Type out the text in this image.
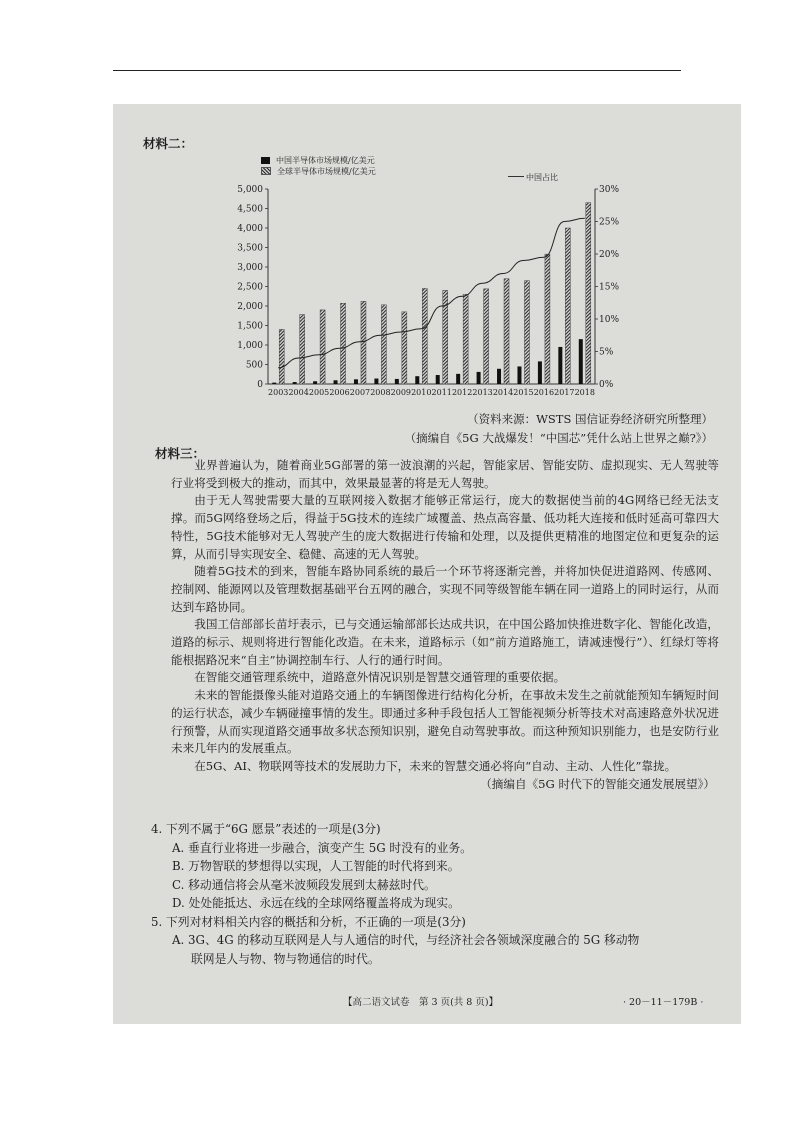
材料二：
中国半导体市场规模/亿美元
全球半导体市场规模/亿美元
中国占比
0
500
1,000
1,500
2,000
2,500
3,000
3,500
4,000
4,500
5,000
0%
5%
10%
15%
20%
25%
30%
2003 2004 2005 2006 2007 2008 2009 2010 2011 2012 2013 2014 2015 2016 2017 2018
（资料来源：WSTS 国信证券经济研究所整理）
（摘编自《5G 大战爆发！“中国芯”凭什么站上世界之巅?》）
材料三：

业界普遍认为，随着商业5G部署的第一波浪潮的兴起，智能家居、智能安防、虚拟现实、无人驾驶等行业将受到极大的推动，而其中，效果最显著的将是无人驾驶。

由于无人驾驶需要大量的互联网接入数据才能够正常运行，庞大的数据使当前的4G网络已经无法支撑。而5G网络登场之后，得益于5G技术的连续广域覆盖、热点高容量、低功耗大连接和低时延高可靠四大特性，5G技术能够对无人驾驶产生的庞大数据进行传输和处理，以及提供更精准的地图定位和更复杂的运算，从而引导实现安全、稳健、高速的无人驾驶。

随着5G技术的到来，智能车路协同系统的最后一个环节将逐渐完善，并将加快促进道路网、传感网、控制网、能源网以及管理数据基础平台五网的融合，实现不同等级智能车辆在同一道路上的同时运行，从而达到车路协同。

我国工信部部长苗圩表示，已与交通运输部部长达成共识，在中国公路加快推进数字化、智能化改造，道路的标示、规则将进行智能化改造。在未来，道路标示（如“前方道路施工，请减速慢行”）、红绿灯等将能根据路况来“自主”协调控制车行、人行的通行时间。

在智能交通管理系统中，道路意外情况识别是智慧交通管理的重要依据。

未来的智能摄像头能对道路交通上的车辆图像进行结构化分析，在事故未发生之前就能预知车辆短时间的运行状态，减少车辆碰撞事情的发生。即通过多种手段包括人工智能视频分析等技术对高速路意外状况进行预警，从而实现道路交通事故多状态预知识别，避免自动驾驶事故。而这种预知识别能力，也是安防行业未来几年内的发展重点。

在5G、AI、物联网等技术的发展助力下，未来的智慧交通必将向“自动、主动、人性化”靠拢。

（摘编自《5G 时代下的智能交通发展展望》）

4. 下列不属于“6G 愿景”表述的一项是(3分)
A. 垂直行业将进一步融合，演变产生 5G 时没有的业务。
B. 万物智联的梦想得以实现，人工智能的时代将到来。
C. 移动通信将会从毫米波频段发展到太赫兹时代。
D. 处处能抵达、永远在线的全球网络覆盖将成为现实。
5. 下列对材料相关内容的概括和分析，不正确的一项是(3分)
A. 3G、4G 的移动互联网是人与人通信的时代，与经济社会各领域深度融合的 5G 移动物
联网是人与物、物与物通信的时代。
【高二语文试卷　第 3 页(共 8 页)】	· 20－11－179B ·
